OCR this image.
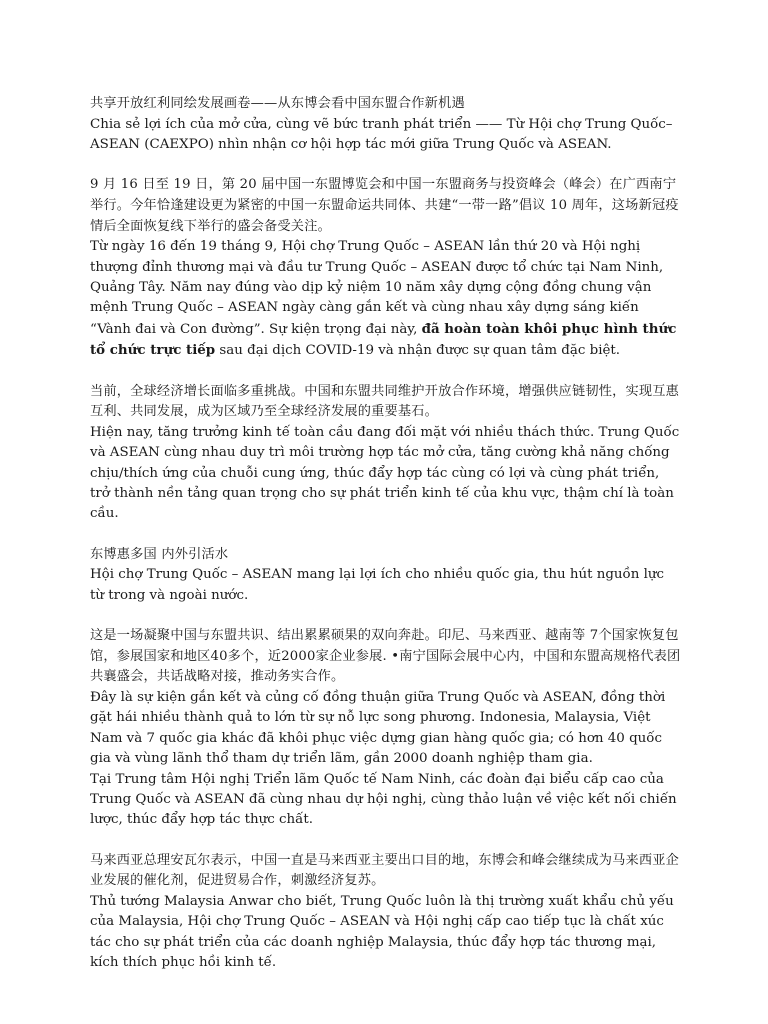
共享开放红利同绘发展画卷——从东博会看中国东盟合作新机遇

Chia sẻ lợi ích của mở cửa, cùng vẽ bức tranh phát triển —— Từ Hội chợ Trung Quốc–ASEAN (CAEXPO) nhìn nhận cơ hội hợp tác mới giữa Trung Quốc và ASEAN.

9 月 16 日至 19 日，第 20 届中国一东盟博览会和中国一东盟商务与投资峰会（峰会）在广西南宁举行。今年恰逢建设更为紧密的中国一东盟命运共同体、共建“一带一路”倡议 10 周年，这场新冠疫情后全面恢复线下举行的盛会备受关注。

Từ ngày 16 đến 19 tháng 9, Hội chợ Trung Quốc – ASEAN lần thứ 20 và Hội nghị thượng đỉnh thương mại và đầu tư Trung Quốc – ASEAN được tổ chức tại Nam Ninh, Quảng Tây. Năm nay đúng vào dịp kỷ niệm 10 năm xây dựng cộng đồng chung vận mệnh Trung Quốc – ASEAN ngày càng gắn kết và cùng nhau xây dựng sáng kiến “Vành đai và Con đường”. Sự kiện trọng đại này, đã hoàn toàn khôi phục hình thức tổ chức trực tiếp sau đại dịch COVID-19 và nhận được sự quan tâm đặc biệt.

当前，全球经济增长面临多重挑战。中国和东盟共同维护开放合作环境，增强供应链韧性，实现互惠互利、共同发展，成为区域乃至全球经济发展的重要基石。

Hiện nay, tăng trưởng kinh tế toàn cầu đang đối mặt với nhiều thách thức. Trung Quốc và ASEAN cùng nhau duy trì môi trường hợp tác mở cửa, tăng cường khả năng chống chịu/thích ứng của chuỗi cung ứng, thúc đẩy hợp tác cùng có lợi và cùng phát triển, trở thành nền tảng quan trọng cho sự phát triển kinh tế của khu vực, thậm chí là toàn cầu.

东博惠多国 内外引活水

Hội chợ Trung Quốc – ASEAN mang lại lợi ích cho nhiều quốc gia, thu hút nguồn lực từ trong và ngoài nước.

这是一场凝聚中国与东盟共识、结出累累硕果的双向奔赴。印尼、马来西亚、越南等 7个国家恢复包馆，参展国家和地区40多个，近2000家企业参展. •南宁国际会展中心内，中国和东盟高规格代表团共襄盛会，共话战略对接，推动务实合作。

Đây là sự kiện gắn kết và củng cố đồng thuận giữa Trung Quốc và ASEAN, đồng thời gặt hái nhiều thành quả to lớn từ sự nỗ lực song phương. Indonesia, Malaysia, Việt Nam và 7 quốc gia khác đã khôi phục việc dựng gian hàng quốc gia; có hơn 40 quốc gia và vùng lãnh thổ tham dự triển lãm, gần 2000 doanh nghiệp tham gia.

Tại Trung tâm Hội nghị Triển lãm Quốc tế Nam Ninh, các đoàn đại biểu cấp cao của Trung Quốc và ASEAN đã cùng nhau dự hội nghị, cùng thảo luận về việc kết nối chiến lược, thúc đẩy hợp tác thực chất.

马来西亚总理安瓦尔表示，中国一直是马来西亚主要出口目的地，东博会和峰会继续成为马来西亚企业发展的催化剂，促进贸易合作，刺激经济复苏。

Thủ tướng Malaysia Anwar cho biết, Trung Quốc luôn là thị trường xuất khẩu chủ yếu của Malaysia, Hội chợ Trung Quốc – ASEAN và Hội nghị cấp cao tiếp tục là chất xúc tác cho sự phát triển của các doanh nghiệp Malaysia, thúc đẩy hợp tác thương mại, kích thích phục hồi kinh tế.
